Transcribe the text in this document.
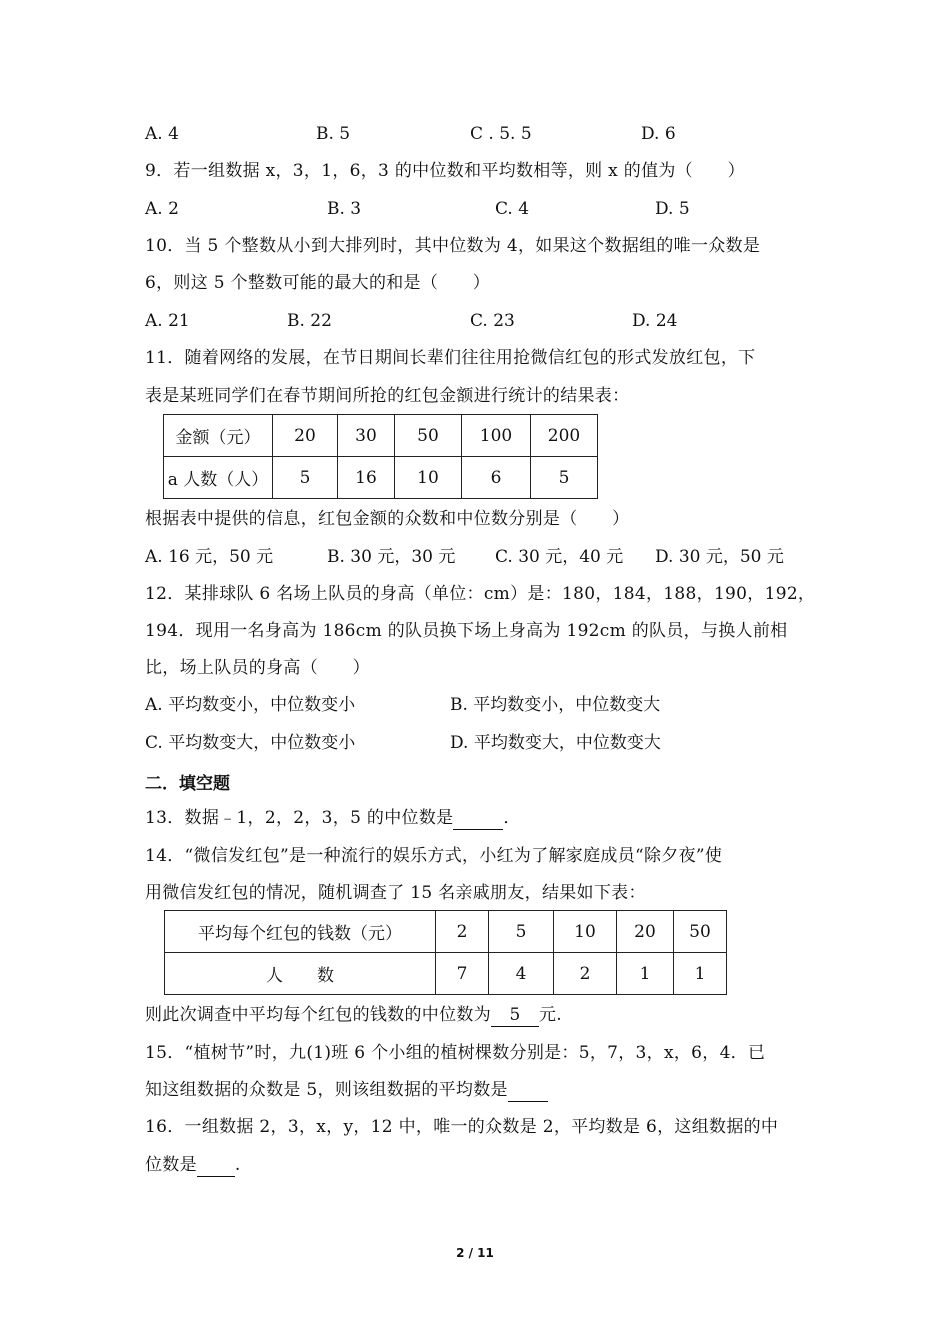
A. 4	B. 5	C . 5. 5	D. 6
9．若一组数据 x，3，1，6，3 的中位数和平均数相等，则 x 的值为（　　）
A. 2	B. 3	C. 4	D. 5
10．当 5 个整数从小到大排列时，其中位数为 4，如果这个数据组的唯一众数是
6，则这 5 个整数可能的最大的和是（　　）
A. 21	B. 22	C. 23	D. 24
11．随着网络的发展，在节日期间长辈们往往用抢微信红包的形式发放红包，下
表是某班同学们在春节期间所抢的红包金额进行统计的结果表：
金额（元）	20	30	50	100	200
a 人数（人）	5	16	10	6	5
根据表中提供的信息，红包金额的众数和中位数分别是（　　）
A. 16 元，50 元	B. 30 元，30 元 C. 30 元，40 元 D. 30 元，50 元
12．某排球队 6 名场上队员的身高（单位：cm）是：180，184，188，190，192，
194．现用一名身高为 186cm 的队员换下场上身高为 192cm 的队员，与换人前相
比，场上队员的身高（　　）
A. 平均数变小，中位数变小	B. 平均数变小，中位数变大
C. 平均数变大，中位数变小	D. 平均数变大，中位数变大
二．填空题
13．数据﹣1，2，2，3，5 的中位数是	．
14．“微信发红包”是一种流行的娱乐方式，小红为了解家庭成员“除夕夜”使
用微信发红包的情况，随机调查了 15 名亲戚朋友，结果如下表：
平均每个红包的钱数（元）	2	5	10	20	50
人　　数	7	4	2	1	1
则此次调查中平均每个红包的钱数的中位数为 5 元.
15．“植树节”时，九(1)班 6 个小组的植树棵数分别是：5，7，3，x，6，4．已
知这组数据的众数是 5，则该组数据的平均数是
16．一组数据 2，3，x，y，12 中，唯一的众数是 2，平均数是 6，这组数据的中
位数是 .
2 / 11
